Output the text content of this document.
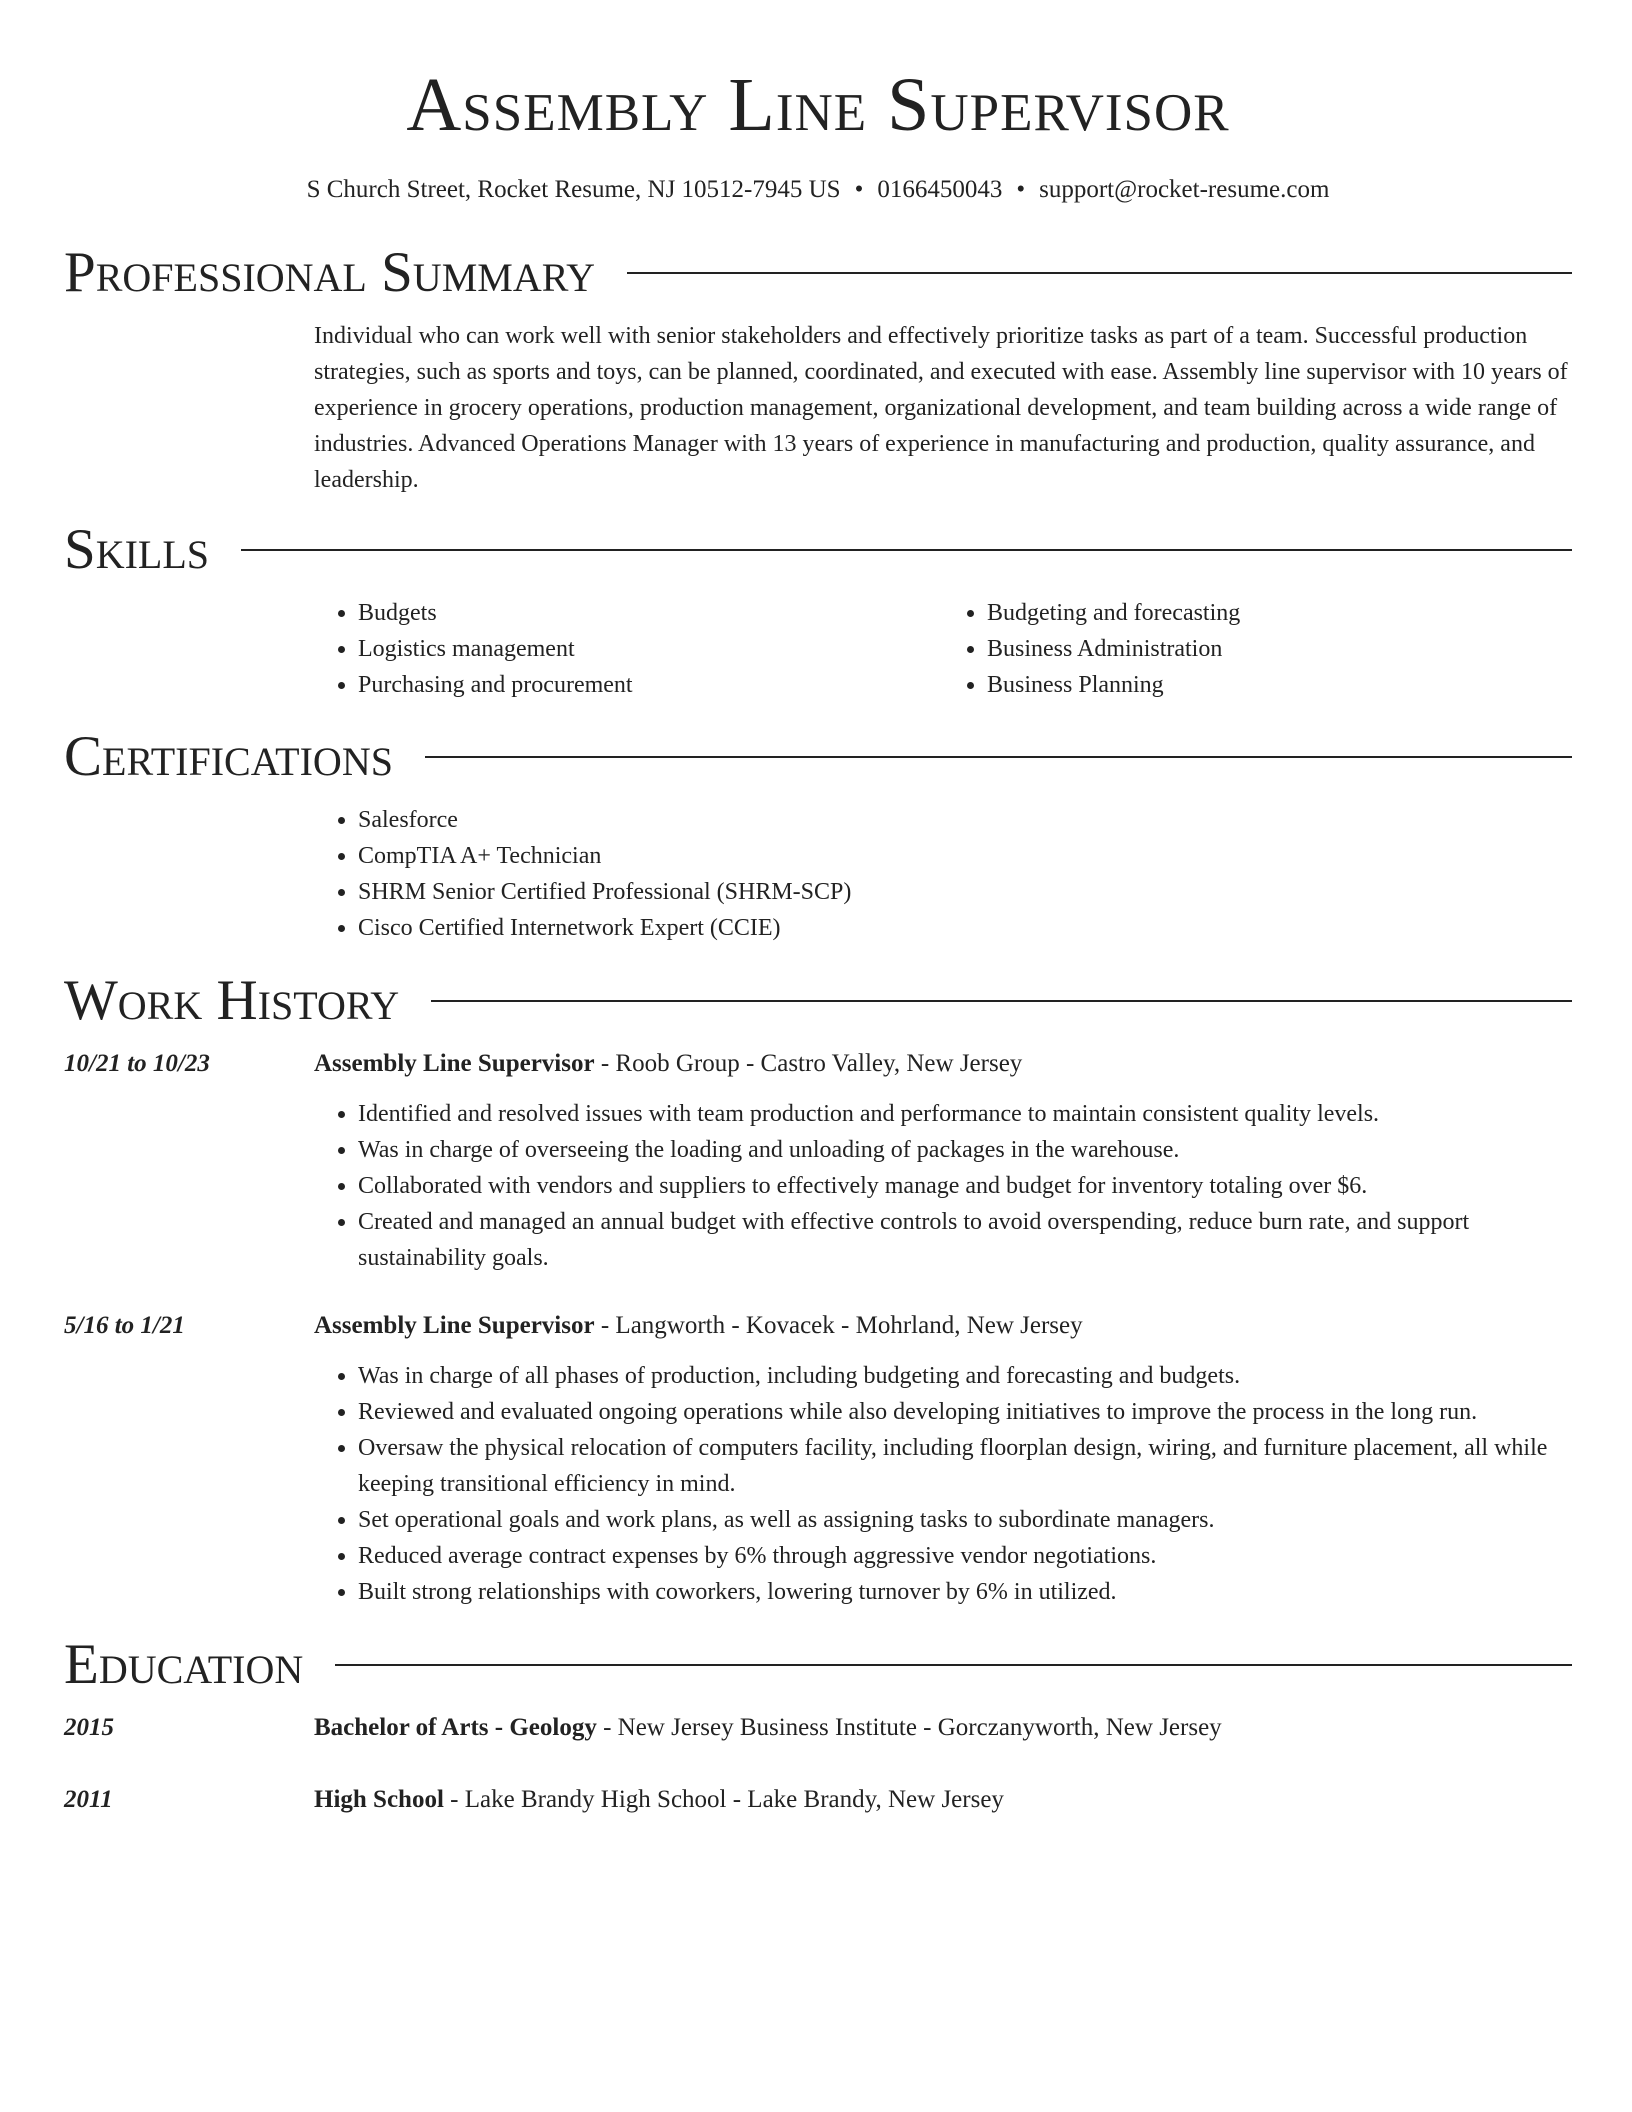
Assembly Line Supervisor
S Church Street, Rocket Resume, NJ 10512-7945 US • 0166450043 • support@rocket-resume.com
Professional Summary

Individual who can work well with senior stakeholders and effectively prioritize tasks as part of a team. Successful production strategies, such as sports and toys, can be planned, coordinated, and executed with ease. Assembly line supervisor with 10 years of experience in grocery operations, production management, organizational development, and team building across a wide range of industries. Advanced Operations Manager with 13 years of experience in manufacturing and production, quality assurance, and leadership.

Skills
• Budgets
• Logistics management
• Purchasing and procurement
• Budgeting and forecasting
• Business Administration
• Business Planning
Certifications
• Salesforce
• CompTIA A+ Technician
• SHRM Senior Certified Professional (SHRM-SCP)
• Cisco Certified Internetwork Expert (CCIE)
Work History
10/21 to 10/23	Assembly Line Supervisor - Roob Group - Castro Valley, New Jersey
• Identified and resolved issues with team production and performance to maintain consistent quality levels.
• Was in charge of overseeing the loading and unloading of packages in the warehouse.
• Collaborated with vendors and suppliers to effectively manage and budget for inventory totaling over $6.
• Created and managed an annual budget with effective controls to avoid overspending, reduce burn rate, and support sustainability goals.
5/16 to 1/21	Assembly Line Supervisor - Langworth - Kovacek - Mohrland, New Jersey
• Was in charge of all phases of production, including budgeting and forecasting and budgets.
• Reviewed and evaluated ongoing operations while also developing initiatives to improve the process in the long run.
• Oversaw the physical relocation of computers facility, including floorplan design, wiring, and furniture placement, all while keeping transitional efficiency in mind.
• Set operational goals and work plans, as well as assigning tasks to subordinate managers.
• Reduced average contract expenses by 6% through aggressive vendor negotiations.
• Built strong relationships with coworkers, lowering turnover by 6% in utilized.
Education
2015	Bachelor of Arts - Geology - New Jersey Business Institute - Gorczanyworth, New Jersey
2011	High School - Lake Brandy High School - Lake Brandy, New Jersey
